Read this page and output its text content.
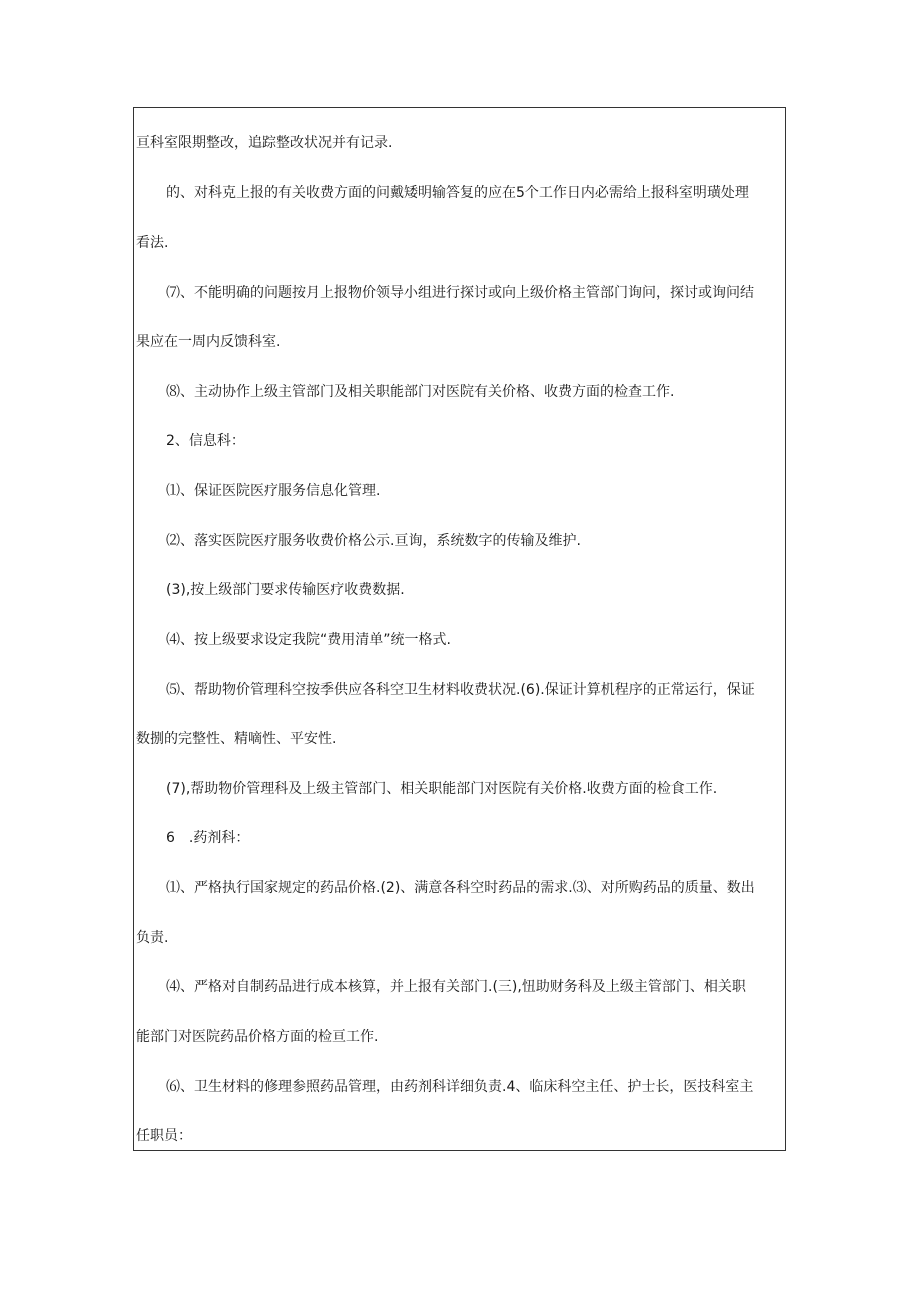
亘科室限期整改，追踪整改状况并有记录.
的、对科克上报的有关收费方面的问戴矮明输答复的应在5个工作日内必需给上报科室明璜处理
看法.
⑺、不能明确的问题按月上报物价领导小组进行探讨或向上级价格主管部门询问，探讨或询问结
果应在一周内反馈科室.
⑻、主动协作上级主管部门及相关职能部门对医院有关价格、收费方面的检查工作.
2、信息科：
⑴、保证医院医疗服务信息化管理.
⑵、落实医院医疗服务收费价格公示.亘询，系统数字的传输及维护.
(3),按上级部门要求传输医疗收费数据.
⑷、按上级要求设定我院“费用清单”统一格式.
⑸、帮助物价管理科空按季供应各科空卫生材料收费状况.(6).保证计算机程序的正常运行，保证
数捌的完整性、精嘀性、平安性.
(7),帮助物价管理科及上级主管部门、相关职能部门对医院有关价格.收费方面的检食工作.
6　.药剂科：
⑴、严格执行国家规定的药品价格.(2)、满意各科空时药品的需求.⑶、对所购药品的质量、数出
负责.
⑷、严格对自制药品进行成本核算，并上报有关部门.(三),忸助财务科及上级主管部门、相关职
能部门对医院药品价格方面的检亘工作.
⑹、卫生材料的修理参照药品管理，由药剂科详细负责.4、临床科空主任、护士长，医技科室主
任职员：
